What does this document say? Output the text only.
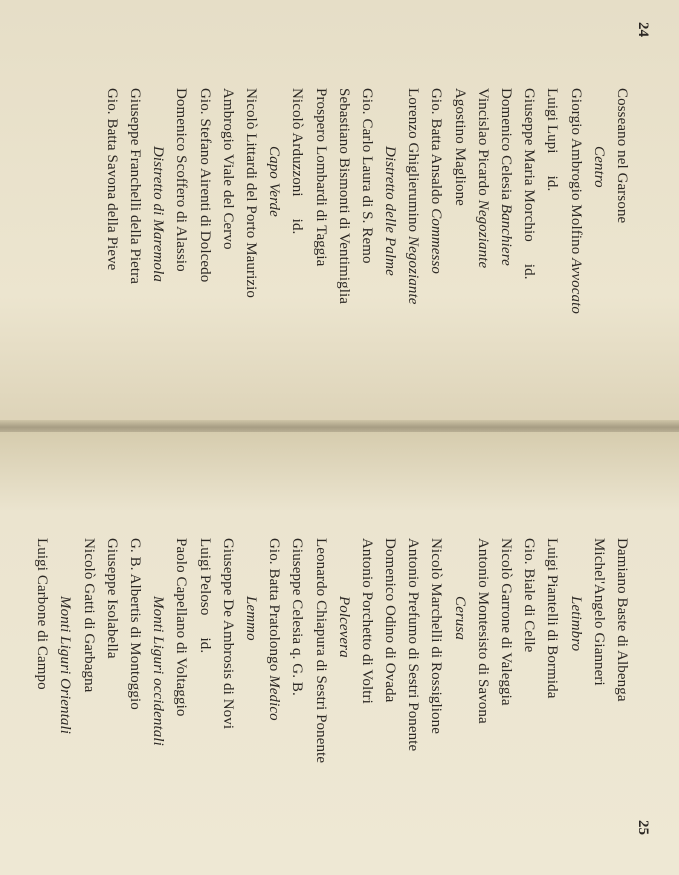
24
25
Cosseano nel Garsone
Centro
Giorgio Ambrogio Molfino Avvocato
Luigi Lupiid.
Giuseppe Maria Morchioid.
Domenico Celesia Banchiere
Vincislao Picardo Negoziante
Agostino Maglione
Gio. Batta Ansaldo Commesso
Lorenzo Ghiglierumino Negoziante
Distretto delle Palme
Gio. Carlo Laura di S. Remo
Sebastiano Bismonti di Ventimiglia
Prospero Lombardi di Taggia
Nicolò Arduzzoniid.
Capo Verde
Nicolò Littardi del Porto Maurizio
Ambrogio Viale del Cervo
Gio. Stefano Airenti di Dolcedo
Domenico Scoffero di Alassio
Distretto di Maremola
Giuseppe Franchelli della Pietra
Gio. Batta Savona della Pieve
Damiano Baste di Albenga
Michel'Angelo Gianneri
Letimbro
Luigi Piantelli di Bormida
Gio. Biale di Celle
Nicolò Garrone di Valeggia
Antonio Montesisto di Savona
Cerusa
Nicolò Marchelli di Rossiglione
Antonio Prefumo di Sestri Ponente
Domenico Odino di Ovada
Antonio Porchetto di Voltri
Polcevera
Leonardo Chiapura di Sestri Ponente
Giuseppe Celesia q. G. B.
Gio. Batta Pratolongo Medico
Lemmo
Giuseppe De Ambrosis di Novi
Luigi Pelosoid.
Paolo Capellano di Voltaggio
Monti Liguri occidentali
G. B. Albertis di Montoggio
Giuseppe Isolabella
Nicolò Gatti di Garbagna
Monti Liguri Orientali
Luigi Carbone di Campo
